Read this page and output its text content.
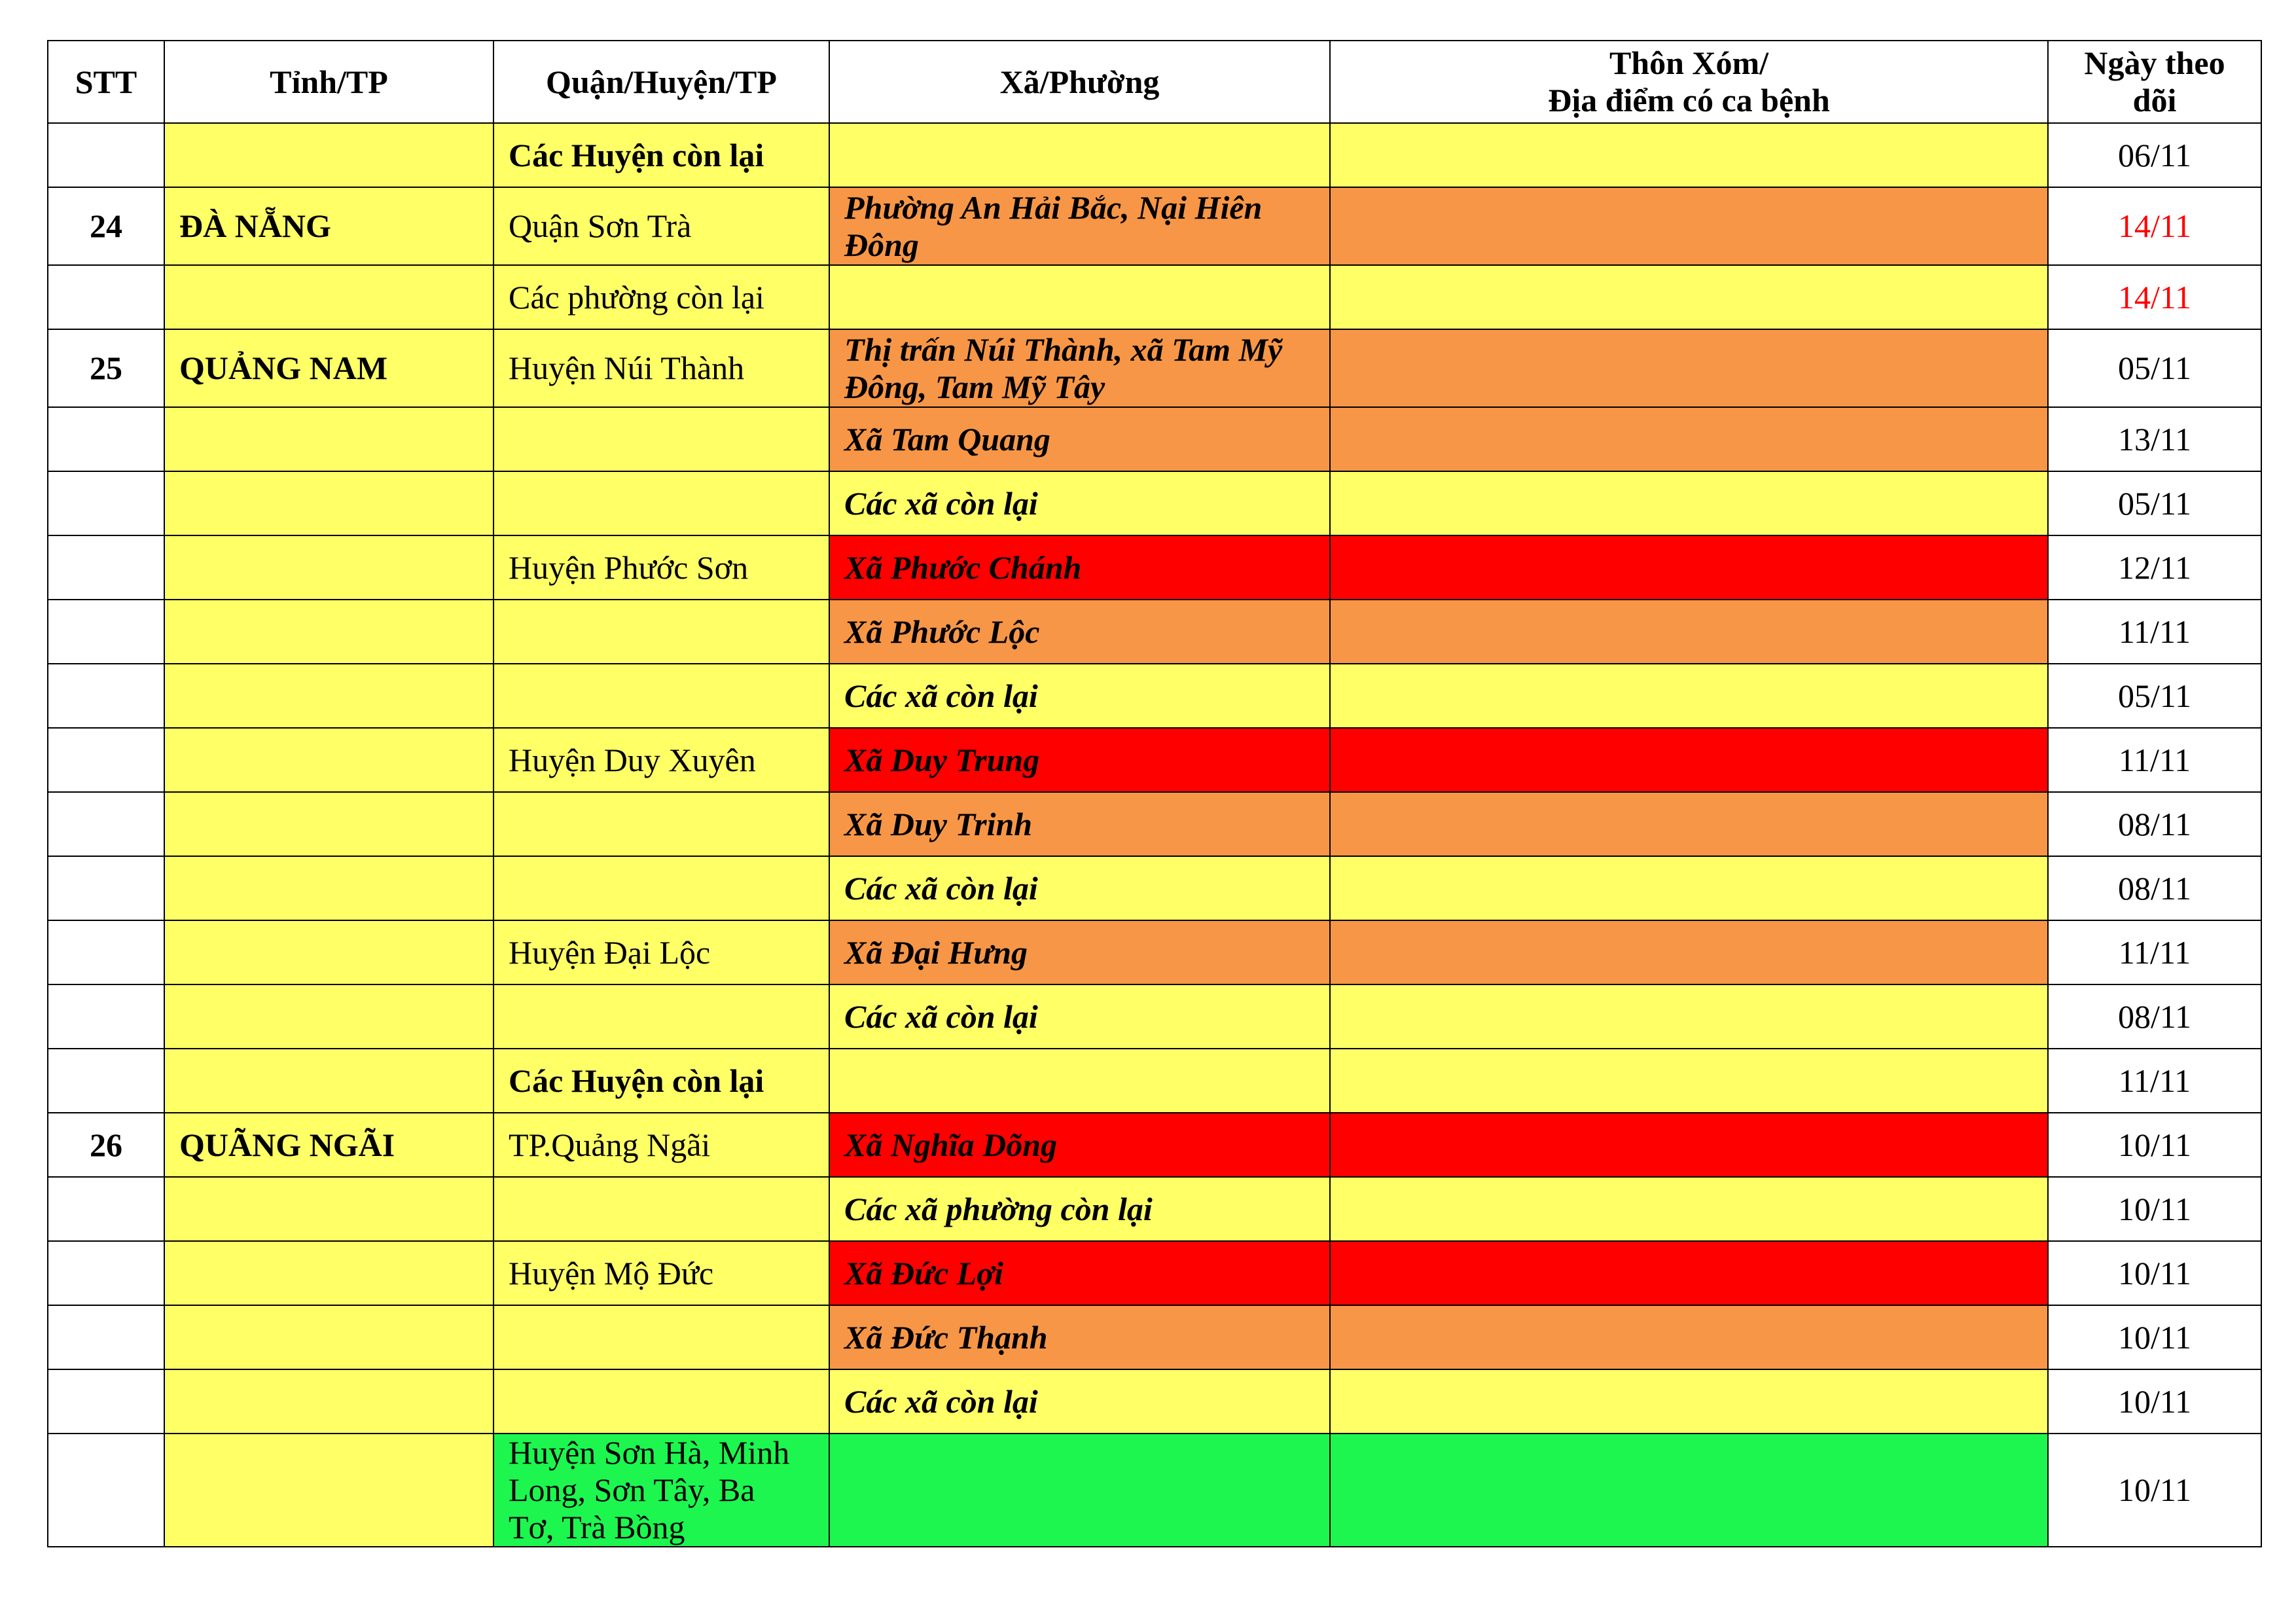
STT	Tỉnh/TP	Quận/Huyện/TP	Xã/Phường	Thôn Xóm/
Địa điểm có ca bệnh	Ngày theo dõi
		Các Huyện còn lại			06/11
24	ĐÀ NẴNG	Quận Sơn Trà	Phường An Hải Bắc, Nại Hiên Đông		14/11
		Các phường còn lại			14/11
25	QUẢNG NAM	Huyện Núi Thành	Thị trấn Núi Thành, xã Tam Mỹ Đông, Tam Mỹ Tây		05/11
			Xã Tam Quang		13/11
			Các xã còn lại		05/11
		Huyện Phước Sơn	Xã Phước Chánh		12/11
			Xã Phước Lộc		11/11
			Các xã còn lại		05/11
		Huyện Duy Xuyên	Xã Duy Trung		11/11
			Xã Duy Trinh		08/11
			Các xã còn lại		08/11
		Huyện Đại Lộc	Xã Đại Hưng		11/11
			Các xã còn lại		08/11
		Các Huyện còn lại			11/11
26	QUÃNG NGÃI	TP.Quảng Ngãi	Xã Nghĩa Dõng		10/11
			Các xã phường còn lại		10/11
		Huyện Mộ Đức	Xã Đức Lợi		10/11
			Xã Đức Thạnh		10/11
			Các xã còn lại		10/11
		Huyện Sơn Hà, Minh Long, Sơn Tây, Ba Tơ, Trà Bồng			10/11
